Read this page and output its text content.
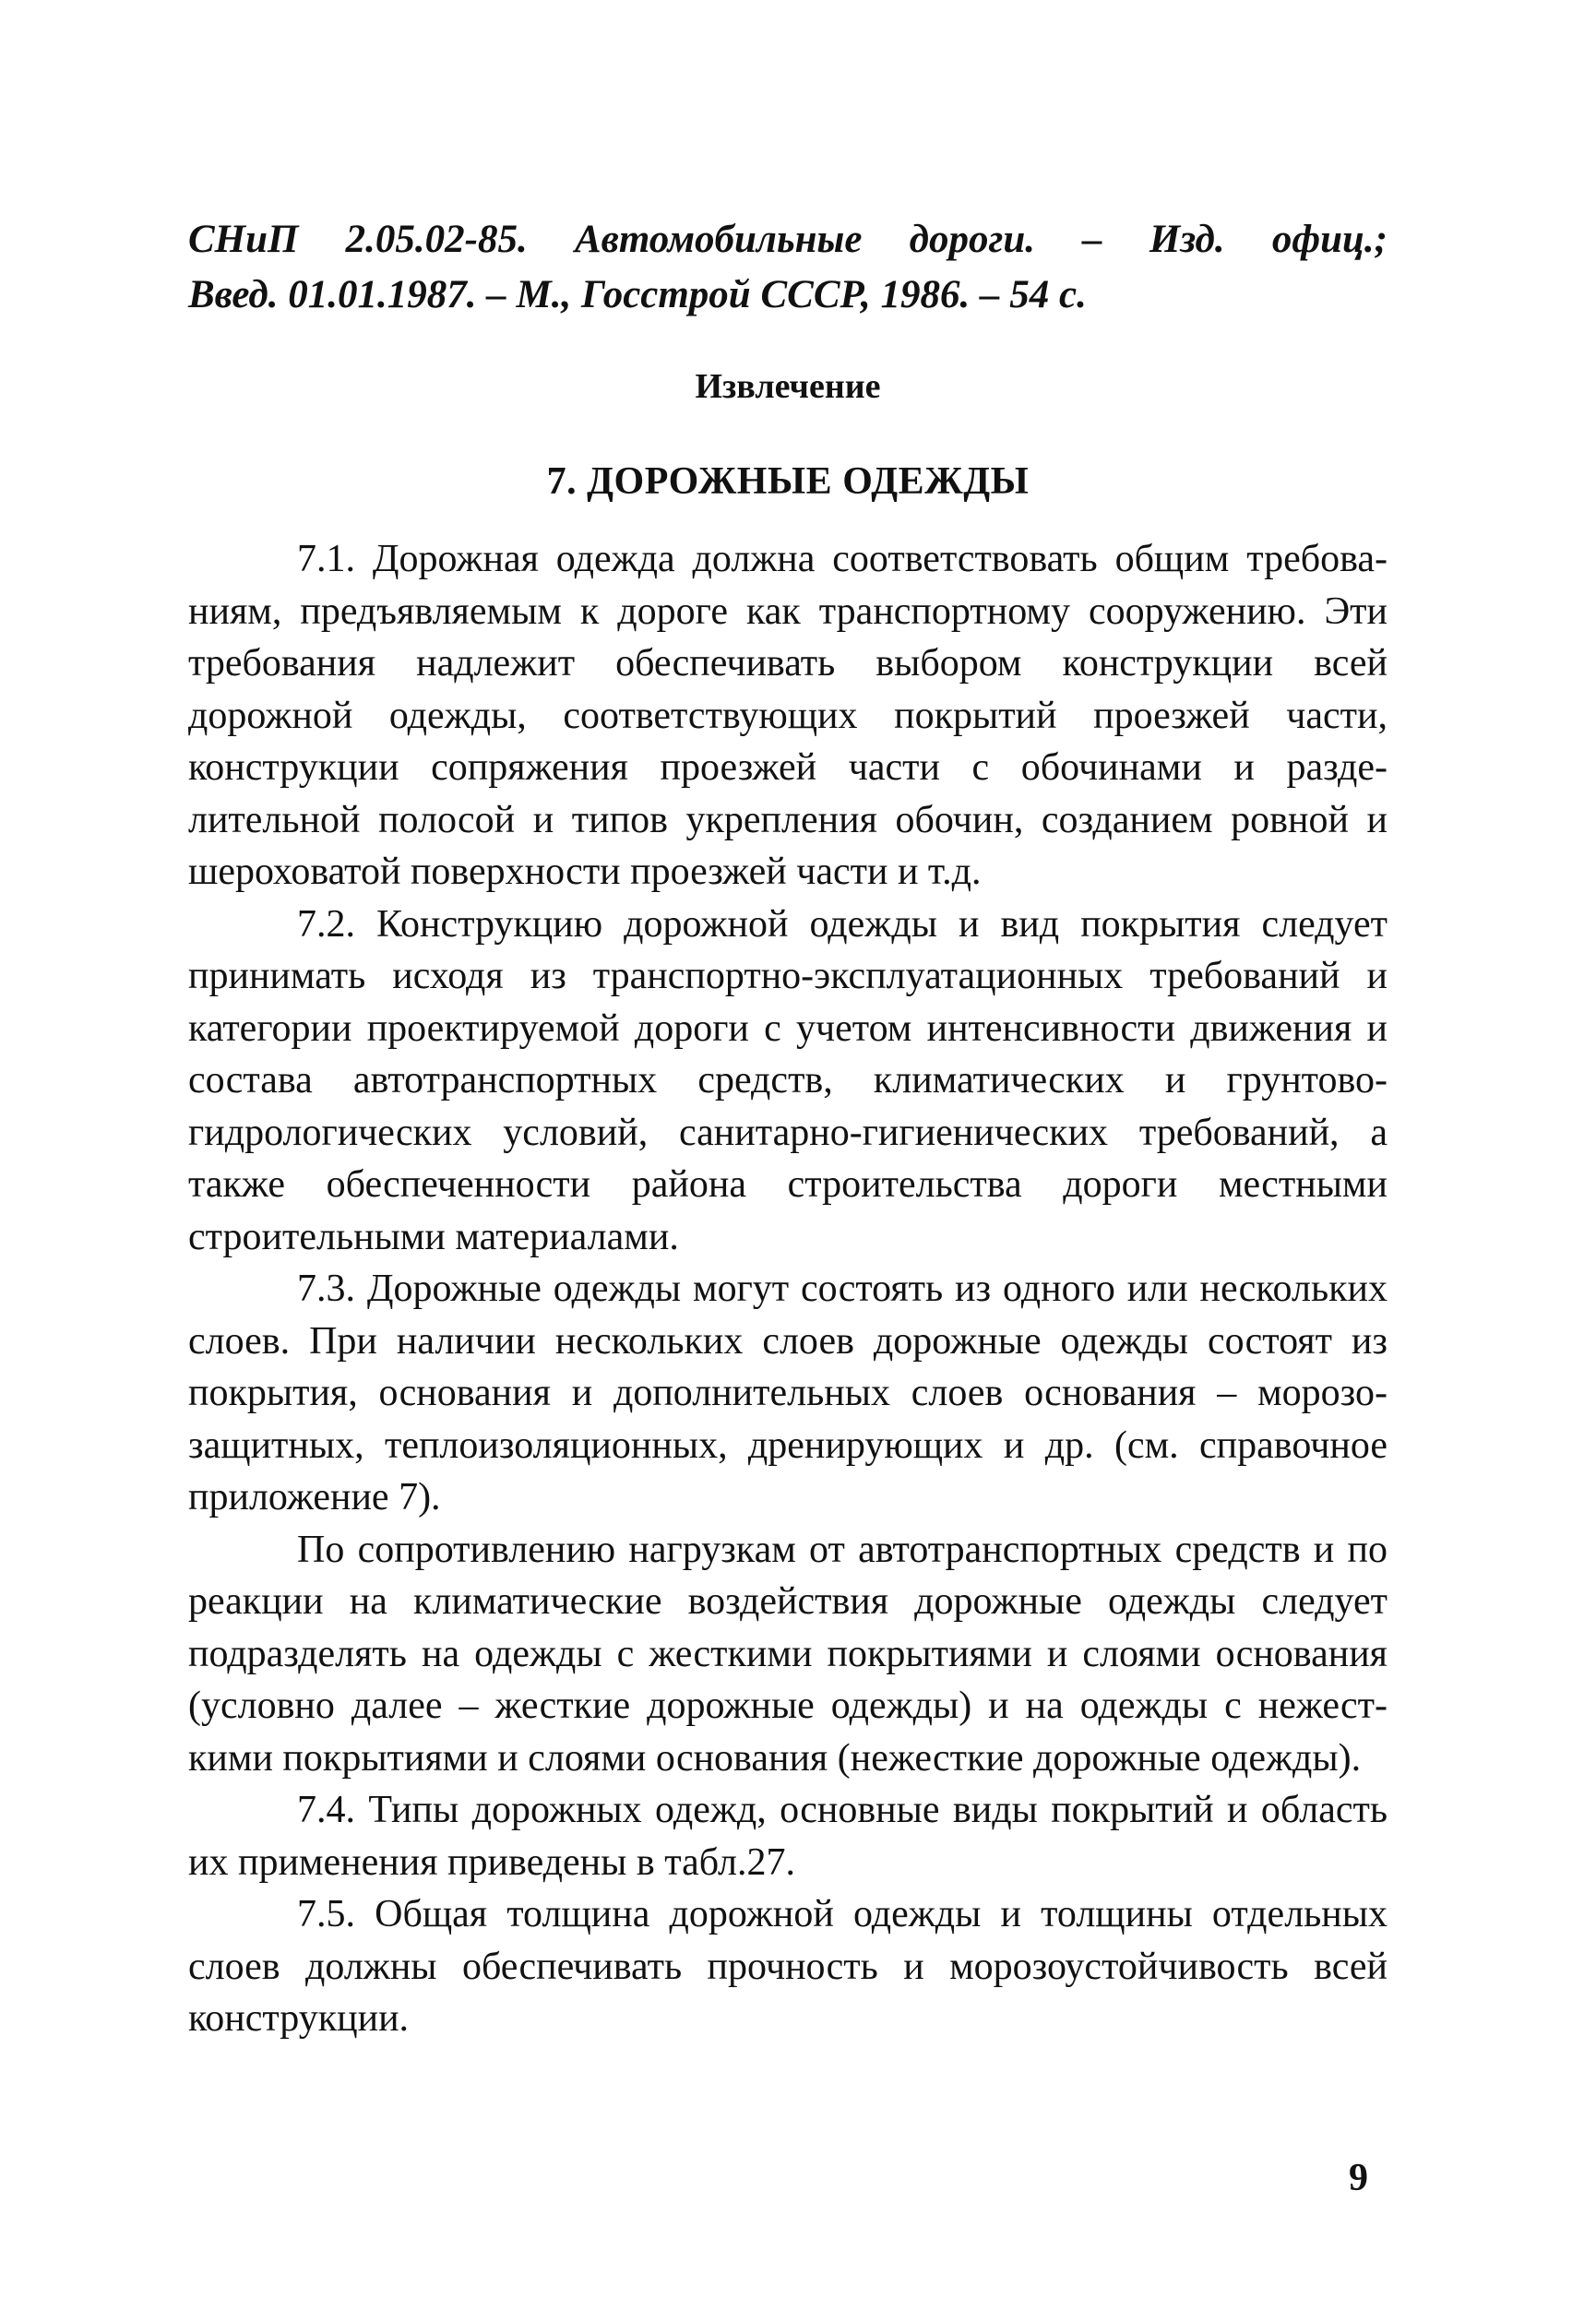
СНиП 2.05.02-85. Автомобильные дороги. – Изд. офиц.;
Введ. 01.01.1987. – М., Госстрой СССР, 1986. – 54 с.
Извлечение
7. ДОРОЖНЫЕ ОДЕЖДЫ

7.1. Дорожная одежда должна соответствовать общим требованиям, предъявляемым к дороге как транспортному сооружению. Эти требования надлежит обеспечивать выбором конструкции всей дорожной одежды, соответствующих покрытий проезжей части, конструкции сопряжения проезжей части с обочинами и разделительной полосой и типов укрепления обочин, созданием ровной и шероховатой поверхности проезжей части и т.д.

7.2. Конструкцию дорожной одежды и вид покрытия следует принимать исходя из транспортно-эксплуатационных требований и категории проектируемой дороги с учетом интенсивности движения и состава автотранспортных средств, климатических и грунтово-гидрологических условий, санитарно-гигиенических требований, а также обеспеченности района строительства дороги местными строительными материалами.

7.3. Дорожные одежды могут состоять из одного или нескольких слоев. При наличии нескольких слоев дорожные одежды состоят из покрытия, основания и дополнительных слоев основания – морозозащитных, теплоизоляционных, дренирующих и др. (см. справочное приложение 7).

По сопротивлению нагрузкам от автотранспортных средств и по реакции на климатические воздействия дорожные одежды следует подразделять на одежды с жесткими покрытиями и слоями основания (условно далее – жесткие дорожные одежды) и на одежды с нежесткими покрытиями и слоями основания (нежесткие дорожные одежды).

7.4. Типы дорожных одежд, основные виды покрытий и область их применения приведены в табл.27.

7.5. Общая толщина дорожной одежды и толщины отдельных слоев должны обеспечивать прочность и морозоустойчивость всей конструкции.

9
